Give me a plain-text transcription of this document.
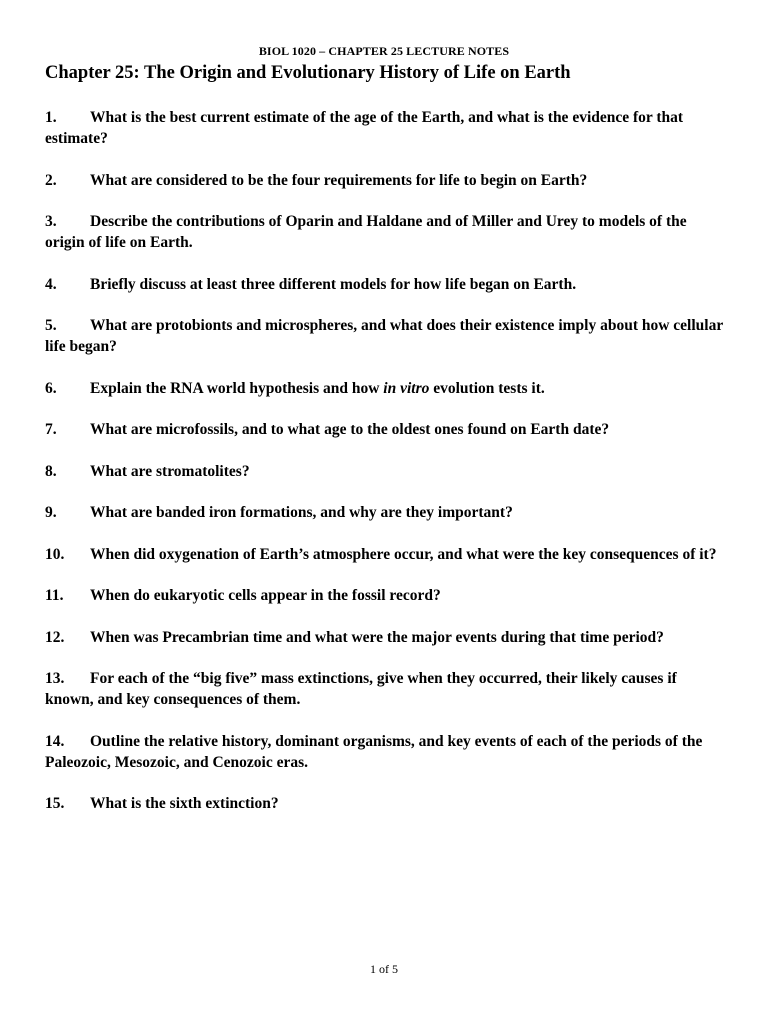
BIOL 1020 – CHAPTER 25 LECTURE NOTES
Chapter 25: The Origin and Evolutionary History of Life on Earth
1. What is the best current estimate of the age of the Earth, and what is the evidence for that estimate?
2. What are considered to be the four requirements for life to begin on Earth?
3. Describe the contributions of Oparin and Haldane and of Miller and Urey to models of the origin of life on Earth.
4. Briefly discuss at least three different models for how life began on Earth.
5. What are protobionts and microspheres, and what does their existence imply about how cellular life began?
6. Explain the RNA world hypothesis and how in vitro evolution tests it.
7. What are microfossils, and to what age to the oldest ones found on Earth date?
8. What are stromatolites?
9. What are banded iron formations, and why are they important?
10. When did oxygenation of Earth’s atmosphere occur, and what were the key consequences of it?
11. When do eukaryotic cells appear in the fossil record?
12. When was Precambrian time and what were the major events during that time period?
13. For each of the “big five” mass extinctions, give when they occurred, their likely causes if known, and key consequences of them.
14. Outline the relative history, dominant organisms, and key events of each of the periods of the Paleozoic, Mesozoic, and Cenozoic eras.
15. What is the sixth extinction?
1 of 5
